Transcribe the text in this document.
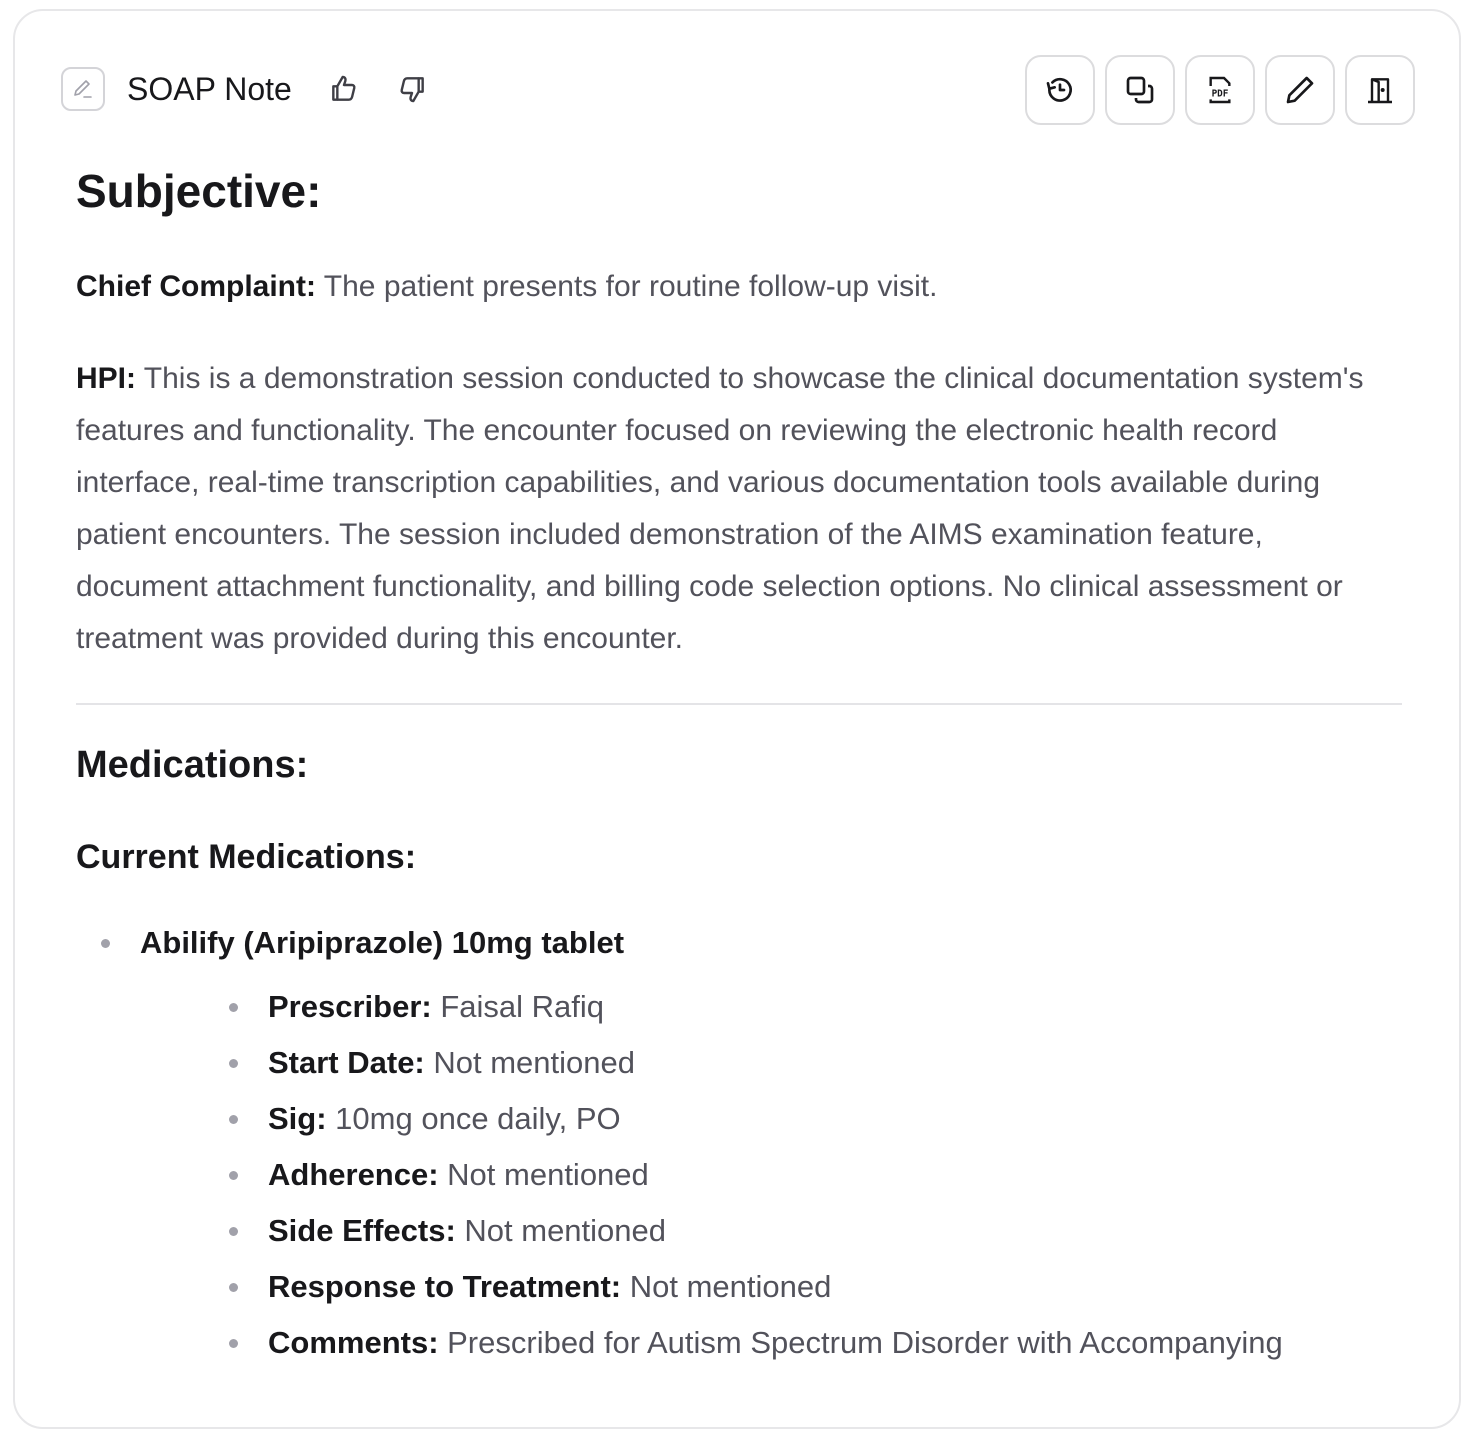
SOAP Note	PDF
Subjective:

Chief Complaint: The patient presents for routine follow-up visit.

HPI: This is a demonstration session conducted to showcase the clinical documentation system's features and functionality. The encounter focused on reviewing the electronic health record interface, real-time transcription capabilities, and various documentation tools available during patient encounters. The session included demonstration of the AIMS examination feature, document attachment functionality, and billing code selection options. No clinical assessment or treatment was provided during this encounter.

Medications:
Current Medications:
Abilify (Aripiprazole) 10mg tablet
Prescriber: Faisal Rafiq
Start Date: Not mentioned
Sig: 10mg once daily, PO
Adherence: Not mentioned
Side Effects: Not mentioned
Response to Treatment: Not mentioned
Comments: Prescribed for Autism Spectrum Disorder with Accompanying
